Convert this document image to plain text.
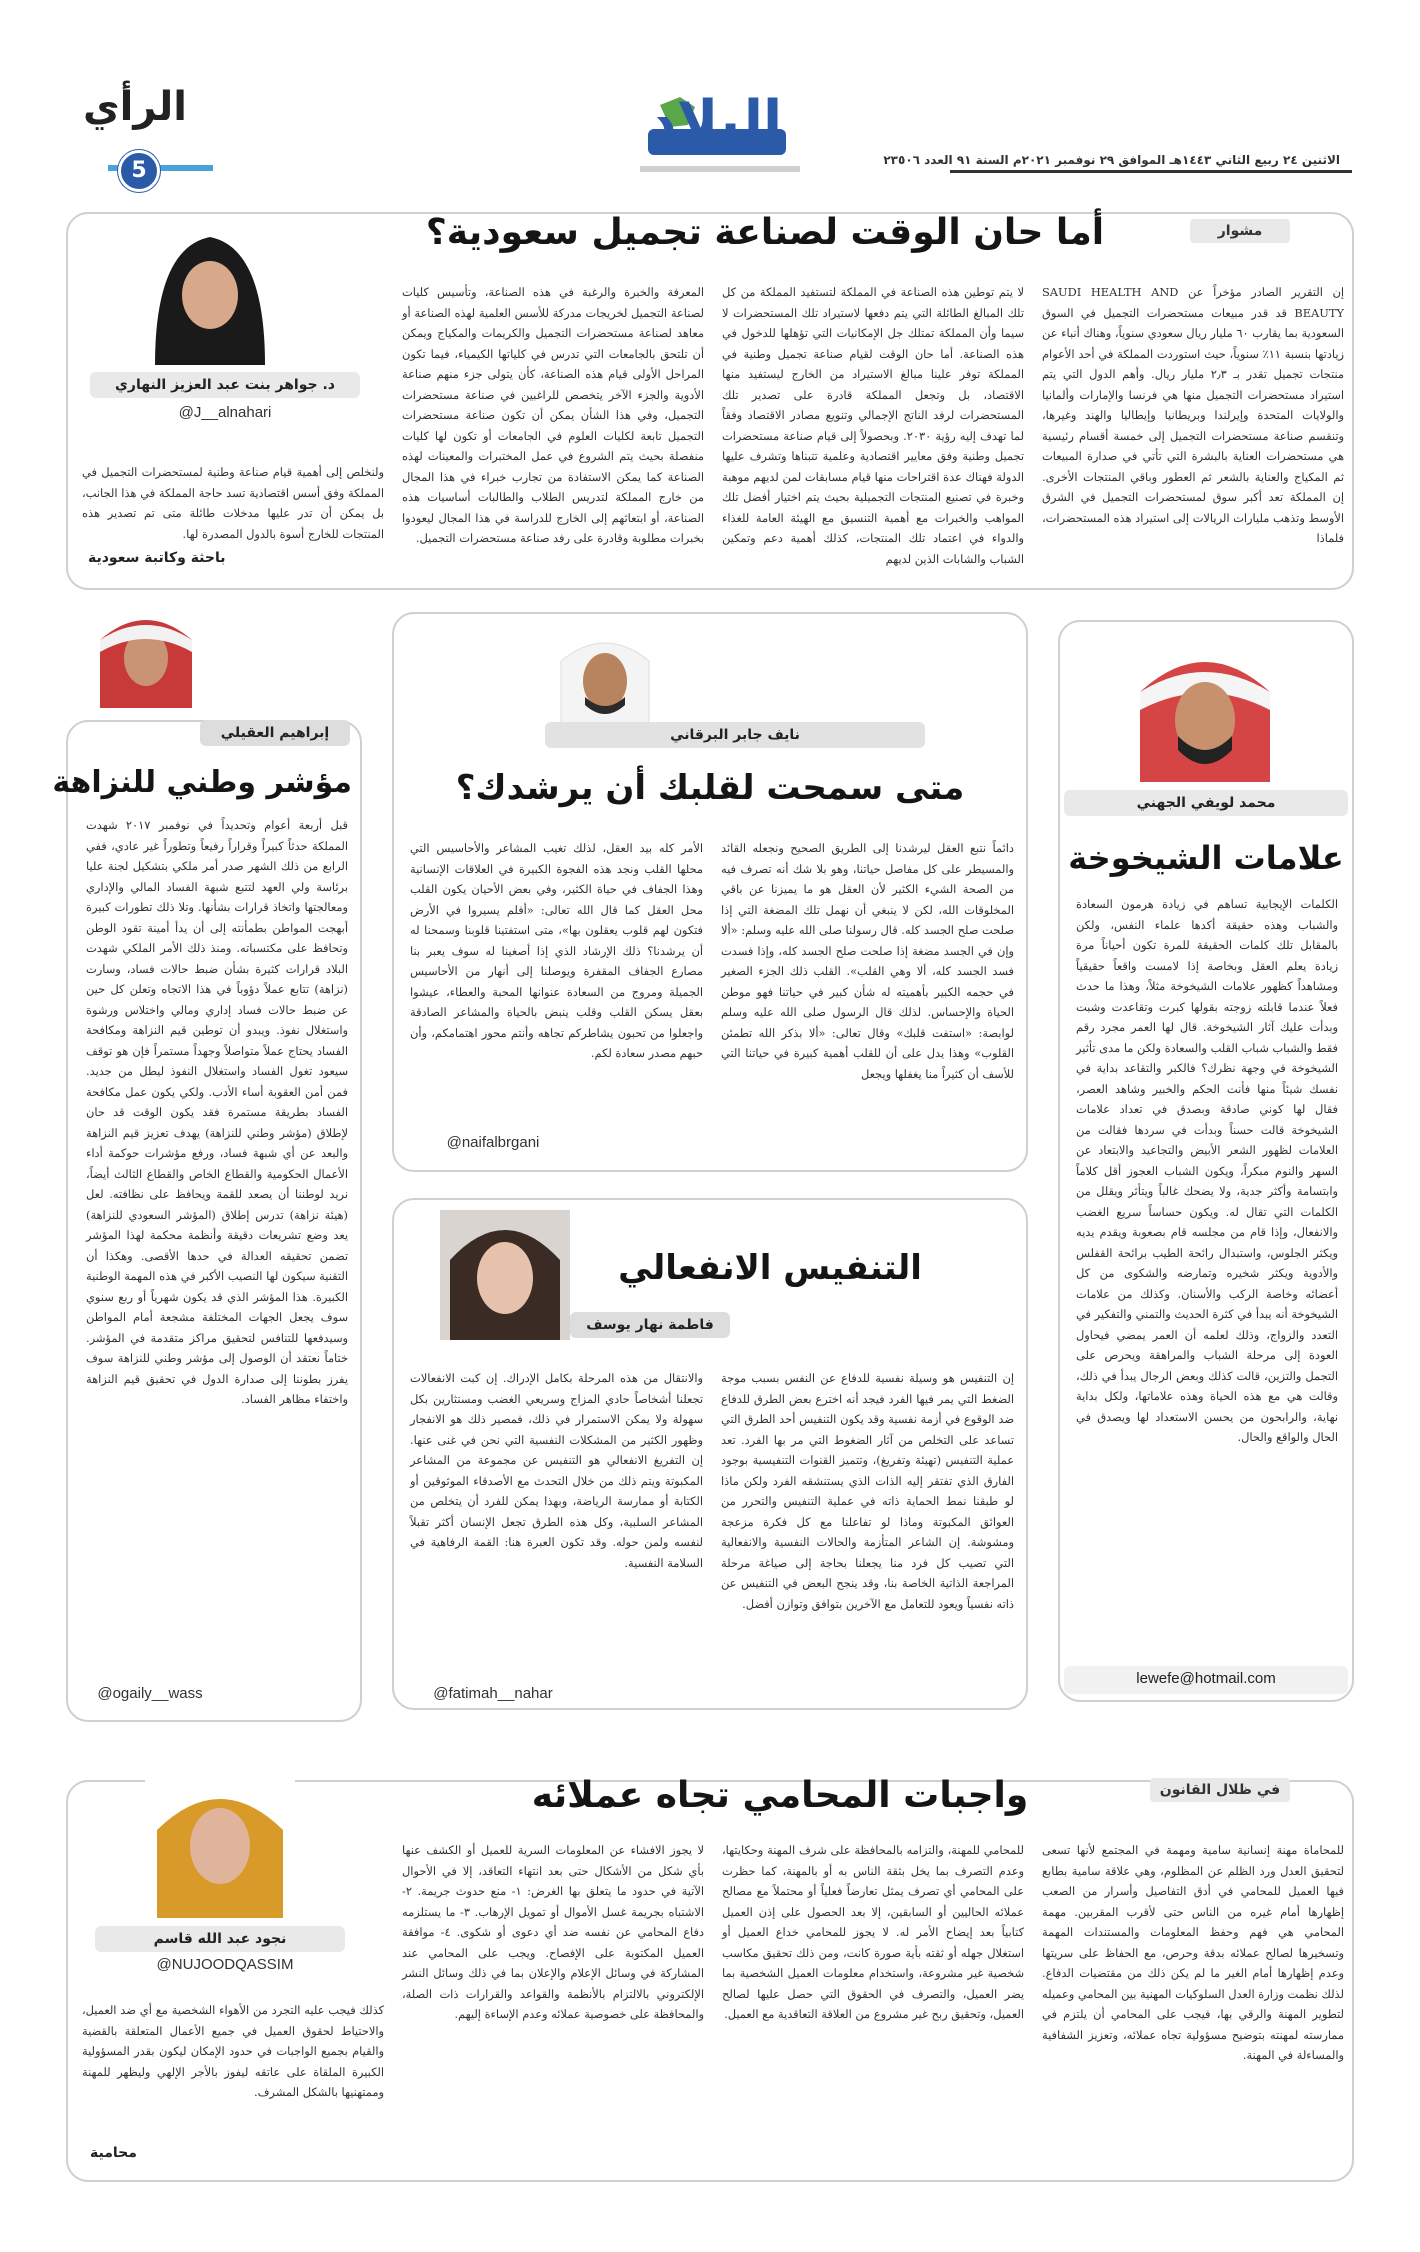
الاثنين ٢٤ ربيع الثاني ١٤٤٣هـ الموافق ٢٩ نوفمبر ٢٠٢١م السنة ٩١ العدد ٢٣٥٠٦
البلاد
الرأي
5
مشوار
أما حان الوقت لصناعة تجميل سعودية؟
د. جواهر بنت عبد العزيز النهاري
@J__alnahari
إن التقرير الصادر مؤخراً عن SAUDI HEALTH AND BEAUTY قد قدر مبيعات مستحضرات التجميل في السوق السعودية بما يقارب ٦٠ مليار ريال سعودي سنوياً، وهناك أنباء عن زيادتها بنسبة ١١٪ سنوياً، حيث استوردت المملكة في أحد الأعوام منتجات تجميل تقدر بـ ٢٫٣ مليار ريال. وأهم الدول التي يتم استيراد مستحضرات التجميل منها هي فرنسا والإمارات وألمانيا والولايات المتحدة وإيرلندا وبريطانيا وإيطاليا والهند وغيرها، وتنقسم صناعة مستحضرات التجميل إلى خمسة أقسام رئيسية هي مستحضرات العناية بالبشرة التي تأتي في صدارة المبيعات ثم المكياج والعناية بالشعر ثم العطور وباقي المنتجات الأخرى. إن المملكة تعد أكبر سوق لمستحضرات التجميل في الشرق الأوسط وتذهب مليارات الريالات إلى استيراد هذه المستحضرات، فلماذا
لا يتم توطين هذه الصناعة في المملكة لتستفيد المملكة من كل تلك المبالغ الطائلة التي يتم دفعها لاستيراد تلك المستحضرات لا سيما وأن المملكة تمتلك جل الإمكانيات التي تؤهلها للدخول في هذه الصناعة. أما حان الوقت لقيام صناعة تجميل وطنية في المملكة توفر علينا مبالغ الاستيراد من الخارج ليستفيد منها الاقتصاد، بل وتجعل المملكة قادرة على تصدير تلك المستحضرات لرفد الناتج الإجمالي وتنويع مصادر الاقتصاد وفقاً لما تهدف إليه رؤية ٢٠٣٠. وبحصولاً إلى قيام صناعة مستحضرات تجميل وطنية وفق معايير اقتصادية وعلمية تتبناها وتشرف عليها الدولة فهناك عدة اقتراحات منها قيام مسابقات لمن لديهم موهبة وخبرة في تصنيع المنتجات التجميلية بحيث يتم اختيار أفضل تلك المواهب والخبرات مع أهمية التنسيق مع الهيئة العامة للغذاء والدواء في اعتماد تلك المنتجات، كذلك أهمية دعم وتمكين الشباب والشابات الذين لديهم
المعرفة والخبرة والرغبة في هذه الصناعة، وتأسيس كليات لصناعة التجميل لخريجات مدركة للأسس العلمية لهذه الصناعة أو معاهد لصناعة مستحضرات التجميل والكريمات والمكياج ويمكن أن تلتحق بالجامعات التي تدرس في كلياتها الكيمياء، فيما تكون المراحل الأولى قيام هذه الصناعة، كأن يتولى جزء منهم صناعة الأدوية والجزء الآخر يتخصص للراغبين في صناعة مستحضرات التجميل، وفي هذا الشأن يمكن أن تكون صناعة مستحضرات التجميل تابعة لكليات العلوم في الجامعات أو تكون لها كليات منفصلة بحيث يتم الشروع في عمل المختبرات والمعينات لهذه الصناعة كما يمكن الاستفادة من تجارب خبراء في هذا المجال من خارج المملكة لتدريس الطلاب والطالبات أساسيات هذه الصناعة، أو ابتعاثهم إلى الخارج للدراسة في هذا المجال ليعودوا بخبرات مطلوبة وقادرة على رفد صناعة مستحضرات التجميل.
ولنخلص إلى أهمية قيام صناعة وطنية لمستحضرات التجميل في المملكة وفق أسس اقتصادية تسد حاجة المملكة في هذا الجانب، بل يمكن أن تدر عليها مدخلات طائلة متى تم تصدير هذه المنتجات للخارج أسوة بالدول المصدرة لها.
باحثة وكاتبة سعودية
إبراهيم العقيلي
مؤشر وطني للنزاهة
قبل أربعة أعوام وتحديداً في نوفمبر ٢٠١٧ شهدت المملكة حدثاً كبيراً وقراراً رفيعاً وتطوراً غير عادي، ففي الرابع من ذلك الشهر صدر أمر ملكي بتشكيل لجنة عليا برئاسة ولي العهد لتتبع شبهة الفساد المالي والإداري ومعالجتها واتخاذ قرارات بشأنها. وتلا ذلك تطورات كبيرة أبهجت المواطن بطمأنته إلى أن يدأ أمينة تقود الوطن وتحافظ على مكتسباته. ومنذ ذلك الأمر الملكي شهدت البلاد قرارات كثيرة بشأن ضبط حالات فساد، وسارت (نزاهة) تتابع عملاً دؤوباً في هذا الاتجاه وتعلن كل حين عن ضبط حالات فساد إداري ومالي واختلاس ورشوة واستغلال نفوذ. ويبدو أن توطين قيم النزاهة ومكافحة الفساد يحتاج عملاً متواصلاً وجهداً مستمراً فإن هو توقف سيعود تغول الفساد واستغلال النفوذ ليطل من جديد. فمن أمن العقوبة أساء الأدب. ولكي يكون عمل مكافحة الفساد بطريقة مستمرة فقد يكون الوقت قد حان لإطلاق (مؤشر وطني للنزاهة) يهدف تعزيز قيم النزاهة والبعد عن أي شبهة فساد، ورفع مؤشرات حوكمة أداء الأعمال الحكومية والقطاع الخاص والقطاع الثالث أيضاً، نريد لوطننا أن يصعد للقمة ويحافظ على نظافته. لعل (هيئة نزاهة) تدرس إطلاق (المؤشر السعودي للنزاهة) يعد وضع تشريعات دقيقة وأنظمة محكمة لهذا المؤشر تضمن تحقيقه العدالة في حدها الأقصى. وهكذا أن التقنية سيكون لها النصيب الأكبر في هذه المهمة الوطنية الكبيرة. هذا المؤشر الذي قد يكون شهرياً أو ربع سنوي سوف يجعل الجهات المختلفة مشجعة أمام المواطن وسيدفعها للتنافس لتحقيق مراكز متقدمة في المؤشر. ختاماً نعتقد أن الوصول إلى مؤشر وطني للنزاهة سوف يفرز بطوننا إلى صدارة الدول في تحقيق قيم النزاهة واختفاء مظاهر الفساد.
@ogaily__wass
نايف جابر البرقاني
متى سمحت لقلبك أن يرشدك؟
دائماً نتبع العقل ليرشدنا إلى الطريق الصحيح ونجعله القائد والمسيطر على كل مفاصل حياتنا، وهو بلا شك أنه تصرف فيه من الصحة الشيء الكثير لأن العقل هو ما يميزنا عن باقي المخلوقات الله، لكن لا ينبغي أن نهمل تلك المضغة التي إذا صلحت صلح الجسد كله. قال رسولنا صلى الله عليه وسلم: «ألا وإن في الجسد مضغة إذا صلحت صلح الجسد كله، وإذا فسدت فسد الجسد كله، ألا وهي القلب». القلب ذلك الجزء الصغير في حجمه الكبير بأهميته له شأن كبير في حياتنا فهو موطن الحياة والإحساس. لذلك قال الرسول صلى الله عليه وسلم لوابصة: «استفت قلبك» وقال تعالى: «ألا بذكر الله تطمئن القلوب» وهذا يدل على أن للقلب أهمية كبيرة في حياتنا التي للأسف أن كثيراً منا يغفلها ويجعل
الأمر كله بيد العقل، لذلك تغيب المشاعر والأحاسيس التي محلها القلب ونجد هذه الفجوة الكبيرة في العلاقات الإنسانية وهذا الجفاف في حياة الكثير، وفي بعض الأحيان يكون القلب محل العقل كما قال الله تعالى: «أفلم يسيروا في الأرض فتكون لهم قلوب يعقلون بها»، متى استفتينا قلوبنا وسمحنا له أن يرشدنا؟ ذلك الإرشاد الذي إذا أصغينا له سوف يعبر بنا مصارع الجفاف المقفرة ويوصلنا إلى أنهار من الأحاسيس الجميلة ومروج من السعادة عنوانها المحبة والعطاء، عيشوا بعقل يسكن القلب وقلب ينبض بالحياة والمشاعر الصادقة واجعلوا من تحبون يشاطركم تجاهه وأنتم محور اهتمامكم، وأن حبهم مصدر سعادة لكم.
@naifalbrgani
محمد لويفي الجهني
علامات الشيخوخة
الكلمات الإيجابية تساهم في زيادة هرمون السعادة والشباب وهذه حقيقة أكدها علماء النفس، ولكن بالمقابل تلك كلمات الحقيقة للمرة تكون أحياناً مرة زيادة يعلم العقل وبخاصة إذا لامست واقعاً حقيقياً ومشاهداً كظهور علامات الشيخوخة مثلاً، وهذا ما حدث فعلاً عندما قابلته زوجته بقولها كبرت وتقاعدت وشبت وبدأت عليك آثار الشيخوخة. قال لها العمر مجرد رقم فقط والشباب شباب القلب والسعادة ولكن ما مدى تأثير الشيخوخة في وجهة نظرك؟ فالكبر والتقاعد بداية في نفسك شيئاً منها فأنت الحكم والخبير وشاهد العصر، فقال لها كوني صادقة وبصدق في تعداد علامات الشيخوخة قالت حسناً وبدأت في سردها فقالت من العلامات لظهور الشعر الأبيض والتجاعيد والابتعاد عن السهر والنوم مبكراً، ويكون الشباب العجوز أقل كلاماً وابتسامة وأكثر جدية، ولا يضحك غالباً ويتأثر ويقلل من الكلمات التي تقال له. ويكون حساساً سريع الغضب والانفعال، وإذا قام من مجلسه قام بصعوبة ويقدم يديه ويكثر الجلوس، واستبدال رائحة الطيب برائحة القفلس والأدوية ويكثر شخيره وتمارضه والشكوى من كل أعضائه وخاصة الركب والأسنان. وكذلك من علامات الشيخوخة أنه يبدأ في كثرة الحديث والتمني والتفكير في التعدد والزواج، وذلك لعلمه أن العمر يمضي فيحاول العودة إلى مرحلة الشباب والمراهقة ويحرص على التجمل والتزين، قالت كذلك وبعض الرجال يبدأ في ذلك، وقالت هي مع هذه الحياة وهذه علاماتها، ولكل بداية نهاية، والرابحون من يحسن الاستعداد لها ويصدق في الحال والواقع والحال.
lewefe@hotmail.com
فاطمة نهار يوسف
التنفيس الانفعالي
إن التنفيس هو وسيلة نفسية للدفاع عن النفس بسبب موجة الضغط التي يمر فيها الفرد فيجد أنه اخترع بعض الطرق للدفاع ضد الوقوع في أزمة نفسية وقد يكون التنفيس أحد الطرق التي تساعد على التخلص من آثار الضغوط التي مر بها الفرد. تعد عملية التنفيس (تهيئة وتفريغ)، وتتميز القنوات التنفيسية بوجود الفارق الذي تفتقر إليه الذات الذي يستنشقه الفرد ولكن ماذا لو طبقنا نمط الحماية ذاته في عملية التنفيس والتحرر من العوائق المكبوتة وماذا لو تفاعلنا مع كل فكرة مزعجة ومشوشة. إن الشاعر المتأزمة والحالات النفسية والانفعالية التي تصيب كل فرد منا يجعلنا بحاجة إلى صياغة مرحلة المراجعة الذاتية الخاصة بنا، وقد ينجح البعض في التنفيس عن ذاته نفسياً ويعود للتعامل مع الآخرين بتوافق وتوازن أفضل.
والانتقال من هذه المرحلة بكامل الإدراك. إن كبت الانفعالات تجعلنا أشخاصاً حادي المزاج وسريعي الغضب ومستثارين بكل سهولة ولا يمكن الاستمرار في ذلك، فمصير ذلك هو الانفجار وظهور الكثير من المشكلات النفسية التي نحن في غنى عنها. إن التفريغ الانفعالي هو التنفيس عن مجموعة من المشاعر المكبوتة ويتم ذلك من خلال التحدث مع الأصدقاء الموثوقين أو الكتابة أو ممارسة الرياضة، وبهذا يمكن للفرد أن يتخلص من المشاعر السلبية، وكل هذه الطرق تجعل الإنسان أكثر تقبلاً لنفسه ولمن حوله. وقد تكون العبرة هنا: القمة الرفاهية في السلامة النفسية.
@fatimah__nahar
في ظلال القانون
واجبات المحامي تجاه عملائه
نجود عبد الله قاسم
@NUJOODQASSIM
للمحاماة مهنة إنسانية سامية ومهمة في المجتمع لأنها تسعى لتحقيق العدل ورد الظلم عن المظلوم، وهي علاقة سامية بطابع فيها العميل للمحامي في أدق التفاصيل وأسرار من الصعب إظهارها أمام غيره من الناس حتى لأقرب المقربين. مهمة المحامي هي فهم وحفظ المعلومات والمستندات المهمة وتسخيرها لصالح عملائه بدقة وحرص، مع الحفاظ على سريتها وعدم إظهارها أمام الغير ما لم يكن ذلك من مقتضيات الدفاع. لذلك نظمت وزارة العدل السلوكيات المهنية بين المحامي وعميله لتطوير المهنة والرقي بها، فيجب على المحامي أن يلتزم في ممارسته لمهنته بتوضيح مسؤولية تجاه عملائه، وتعزيز الشفافية والمساءلة في المهنة.
للمحامي للمهنة، والتزامه بالمحافظة على شرف المهنة وحكايتها، وعدم التصرف بما يخل بثقة الناس به أو بالمهنة، كما حظرت على المحامي أي تصرف يمثل تعارضاً فعلياً أو محتملاً مع مصالح عملائه الحاليين أو السابقين، إلا بعد الحصول على إذن العميل كتابياً بعد إيضاح الأمر له. لا يجوز للمحامي خداع العميل أو استغلال جهله أو ثقته بأية صورة كانت، ومن ذلك تحقيق مكاسب شخصية غير مشروعة، واستخدام معلومات العميل الشخصية بما يضر العميل، والتصرف في الحقوق التي حصل عليها لصالح العميل، وتحقيق ربح غير مشروع من العلاقة التعاقدية مع العميل.
لا يجوز الافشاء عن المعلومات السرية للعميل أو الكشف عنها بأي شكل من الأشكال حتى بعد انتهاء التعاقد، إلا في الأحوال الآتية في حدود ما يتعلق بها الغرض: ١- منع حدوث جريمة. ٢- الاشتباه بجريمة غسل الأموال أو تمويل الإرهاب. ٣- ما يستلزمه دفاع المحامي عن نفسه ضد أي دعوى أو شكوى. ٤- موافقة العميل المكتوبة على الإفصاح. ويجب على المحامي عند المشاركة في وسائل الإعلام والإعلان بما في ذلك وسائل النشر الإلكتروني بالالتزام بالأنظمة والقواعد والقرارات ذات الصلة، والمحافظة على خصوصية عملائه وعدم الإساءة إليهم.
كذلك فيجب عليه التجرد من الأهواء الشخصية مع أي ضد العميل، والاحتياط لحقوق العميل في جميع الأعمال المتعلقة بالقضية والقيام بجميع الواجبات في حدود الإمكان ليكون بقدر المسؤولية الكبيرة الملقاة على عاتقه ليفوز بالأجر الإلهي وليظهر للمهنة وممتهنيها بالشكل المشرف.
محامية
